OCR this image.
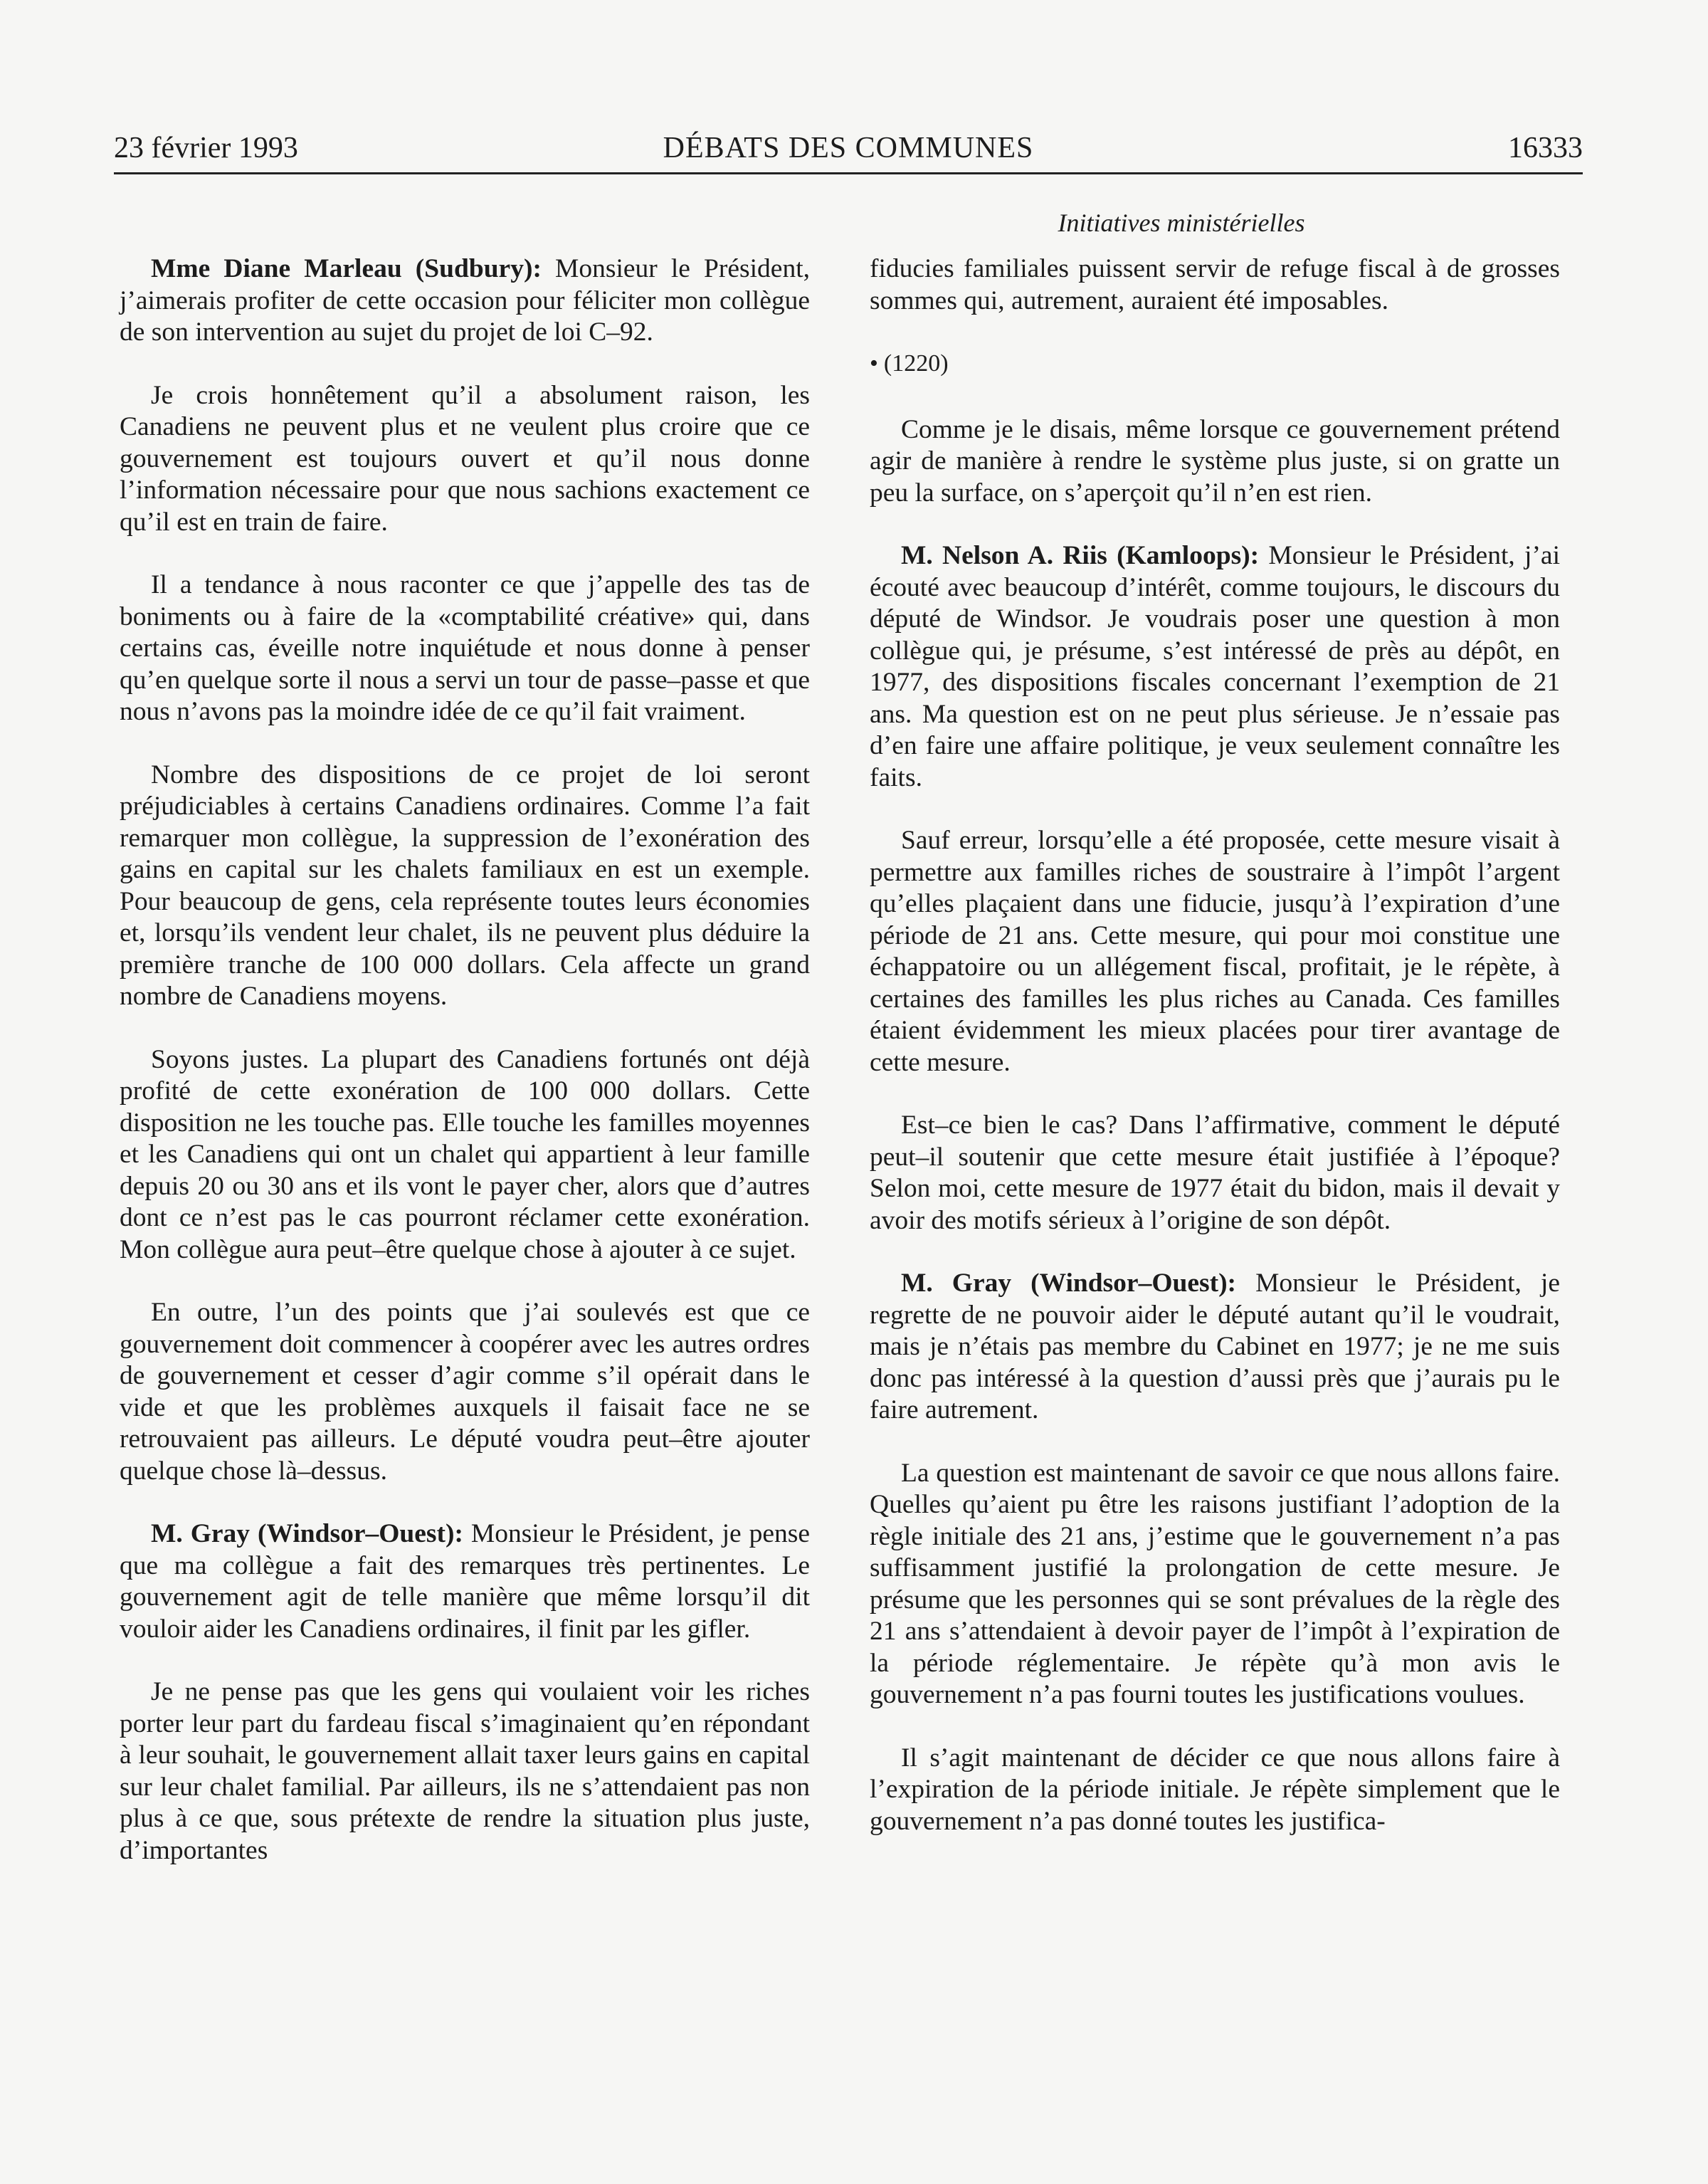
23 février 1993	DÉBATS DES COMMUNES	16333
Initiatives ministérielles

Mme Diane Marleau (Sudbury): Monsieur le Président, j’aimerais profiter de cette occasion pour féliciter mon collègue de son intervention au sujet du projet de loi C–92.

Je crois honnêtement qu’il a absolument raison, les Canadiens ne peuvent plus et ne veulent plus croire que ce gouvernement est toujours ouvert et qu’il nous donne l’information nécessaire pour que nous sachions exactement ce qu’il est en train de faire.

Il a tendance à nous raconter ce que j’appelle des tas de boniments ou à faire de la «comptabilité créative» qui, dans certains cas, éveille notre inquiétude et nous donne à penser qu’en quelque sorte il nous a servi un tour de passe–passe et que nous n’avons pas la moindre idée de ce qu’il fait vraiment.

Nombre des dispositions de ce projet de loi seront préjudiciables à certains Canadiens ordinaires. Comme l’a fait remarquer mon collègue, la suppression de l’exonération des gains en capital sur les chalets familiaux en est un exemple. Pour beaucoup de gens, cela représente toutes leurs économies et, lorsqu’ils vendent leur chalet, ils ne peuvent plus déduire la première tranche de 100 000 dollars. Cela affecte un grand nombre de Canadiens moyens.

Soyons justes. La plupart des Canadiens fortunés ont déjà profité de cette exonération de 100 000 dollars. Cette disposition ne les touche pas. Elle touche les familles moyennes et les Canadiens qui ont un chalet qui appartient à leur famille depuis 20 ou 30 ans et ils vont le payer cher, alors que d’autres dont ce n’est pas le cas pourront réclamer cette exonération. Mon collègue aura peut–être quelque chose à ajouter à ce sujet.

En outre, l’un des points que j’ai soulevés est que ce gouvernement doit commencer à coopérer avec les autres ordres de gouvernement et cesser d’agir comme s’il opérait dans le vide et que les problèmes auxquels il faisait face ne se retrouvaient pas ailleurs. Le député voudra peut–être ajouter quelque chose là–dessus.

M. Gray (Windsor–Ouest): Monsieur le Président, je pense que ma collègue a fait des remarques très pertinentes. Le gouvernement agit de telle manière que même lorsqu’il dit vouloir aider les Canadiens ordinaires, il finit par les gifler.

Je ne pense pas que les gens qui voulaient voir les riches porter leur part du fardeau fiscal s’imaginaient qu’en répondant à leur souhait, le gouvernement allait taxer leurs gains en capital sur leur chalet familial. Par ailleurs, ils ne s’attendaient pas non plus à ce que, sous prétexte de rendre la situation plus juste, d’importantes

fiducies familiales puissent servir de refuge fiscal à de grosses sommes qui, autrement, auraient été imposables.

• (1220)

Comme je le disais, même lorsque ce gouvernement prétend agir de manière à rendre le système plus juste, si on gratte un peu la surface, on s’aperçoit qu’il n’en est rien.

M. Nelson A. Riis (Kamloops): Monsieur le Président, j’ai écouté avec beaucoup d’intérêt, comme toujours, le discours du député de Windsor. Je voudrais poser une question à mon collègue qui, je présume, s’est intéressé de près au dépôt, en 1977, des dispositions fiscales concernant l’exemption de 21 ans. Ma question est on ne peut plus sérieuse. Je n’essaie pas d’en faire une affaire politique, je veux seulement connaître les faits.

Sauf erreur, lorsqu’elle a été proposée, cette mesure visait à permettre aux familles riches de soustraire à l’impôt l’argent qu’elles plaçaient dans une fiducie, jusqu’à l’expiration d’une période de 21 ans. Cette mesure, qui pour moi constitue une échappatoire ou un allégement fiscal, profitait, je le répète, à certaines des familles les plus riches au Canada. Ces familles étaient évidemment les mieux placées pour tirer avantage de cette mesure.

Est–ce bien le cas? Dans l’affirmative, comment le député peut–il soutenir que cette mesure était justifiée à l’époque? Selon moi, cette mesure de 1977 était du bidon, mais il devait y avoir des motifs sérieux à l’origine de son dépôt.

M. Gray (Windsor–Ouest): Monsieur le Président, je regrette de ne pouvoir aider le député autant qu’il le voudrait, mais je n’étais pas membre du Cabinet en 1977; je ne me suis donc pas intéressé à la question d’aussi près que j’aurais pu le faire autrement.

La question est maintenant de savoir ce que nous allons faire. Quelles qu’aient pu être les raisons justifiant l’adoption de la règle initiale des 21 ans, j’estime que le gouvernement n’a pas suffisamment justifié la prolongation de cette mesure. Je présume que les personnes qui se sont prévalues de la règle des 21 ans s’attendaient à devoir payer de l’impôt à l’expiration de la période réglementaire. Je répète qu’à mon avis le gouvernement n’a pas fourni toutes les justifications voulues.

Il s’agit maintenant de décider ce que nous allons faire à l’expiration de la période initiale. Je répète simplement que le gouvernement n’a pas donné toutes les justifica-
